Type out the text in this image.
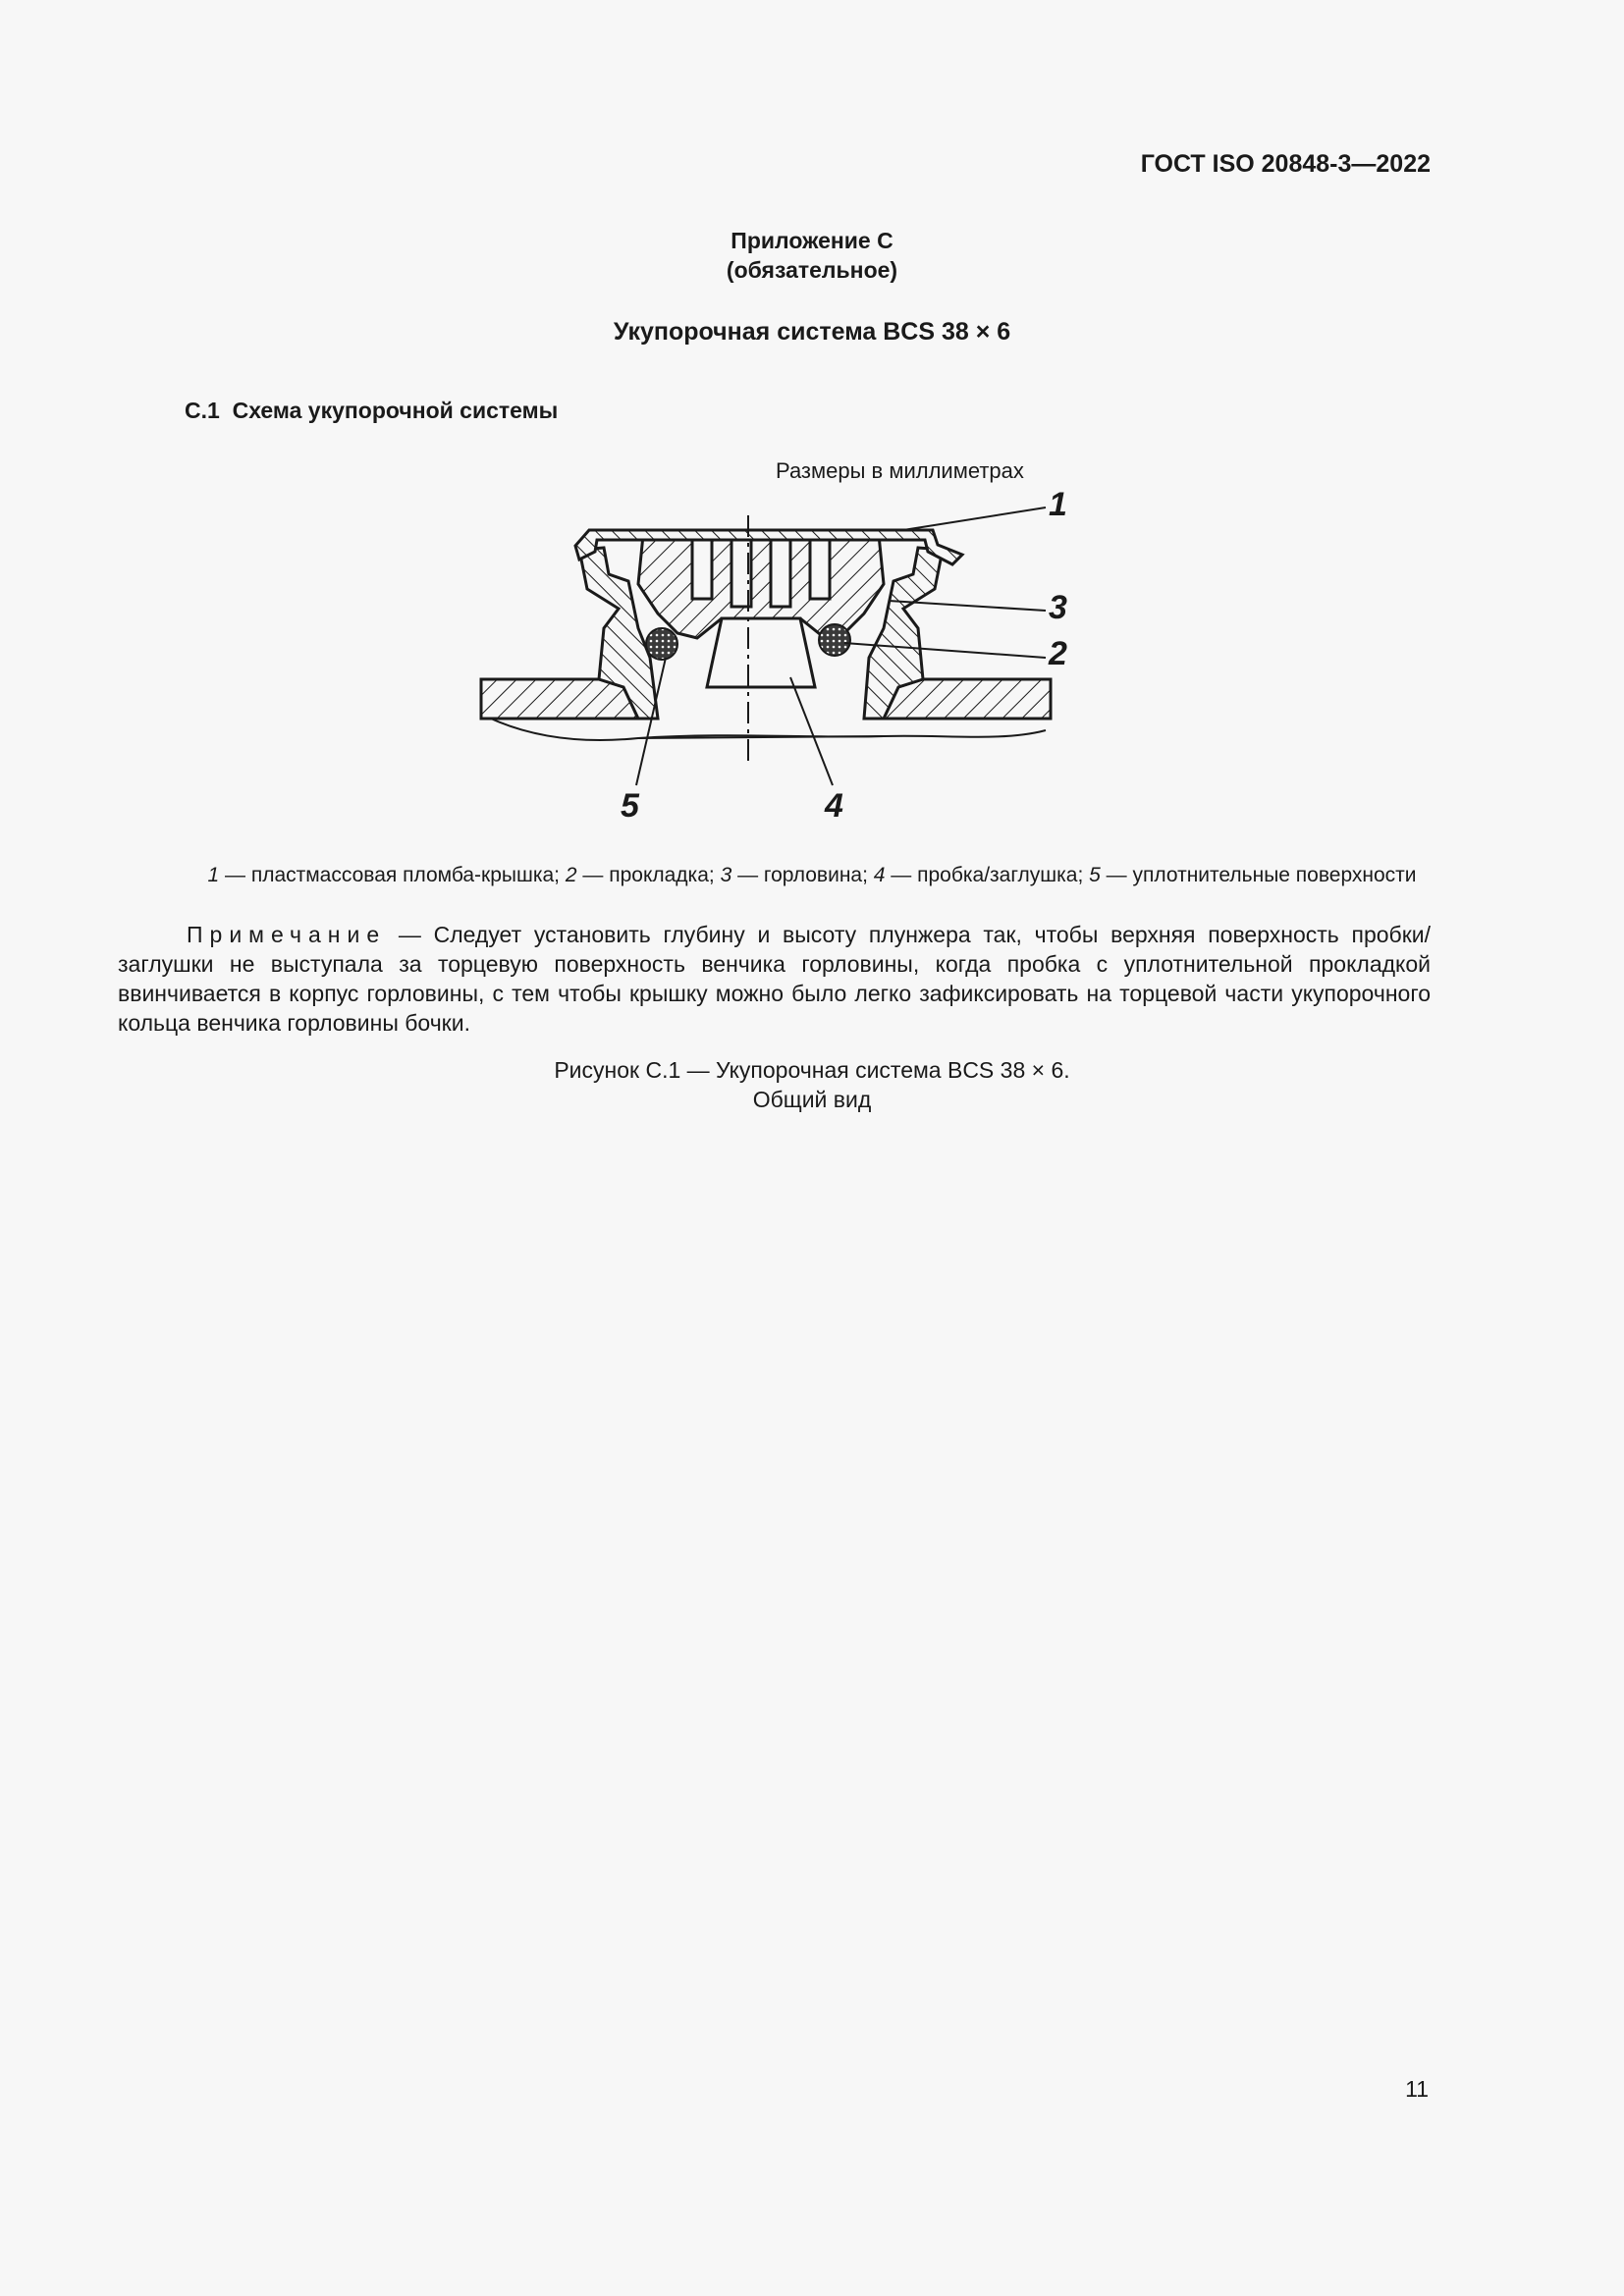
ГОСТ ISO 20848-3—2022
Приложение С
(обязательное)
Укупорочная система BCS 38 × 6
С.1 Схема укупорочной системы
Размеры в миллиметрах
1
3
2
5	4
1 — пластмассовая пломба-крышка; 2 — прокладка; 3 — горловина; 4 — пробка/заглушка; 5 — уплотнительные поверхности
Примечание — Следует установить глубину и высоту плунжера так, чтобы верхняя поверхность пробки/заглушки не выступала за торцевую поверхность венчика горловины, когда пробка с уплотнительной прокладкой ввинчивается в корпус горловины, с тем чтобы крышку можно было легко зафиксировать на торцевой части укупорочного кольца венчика горловины бочки.
Рисунок С.1 — Укупорочная система BCS 38 × 6.
Общий вид
11
